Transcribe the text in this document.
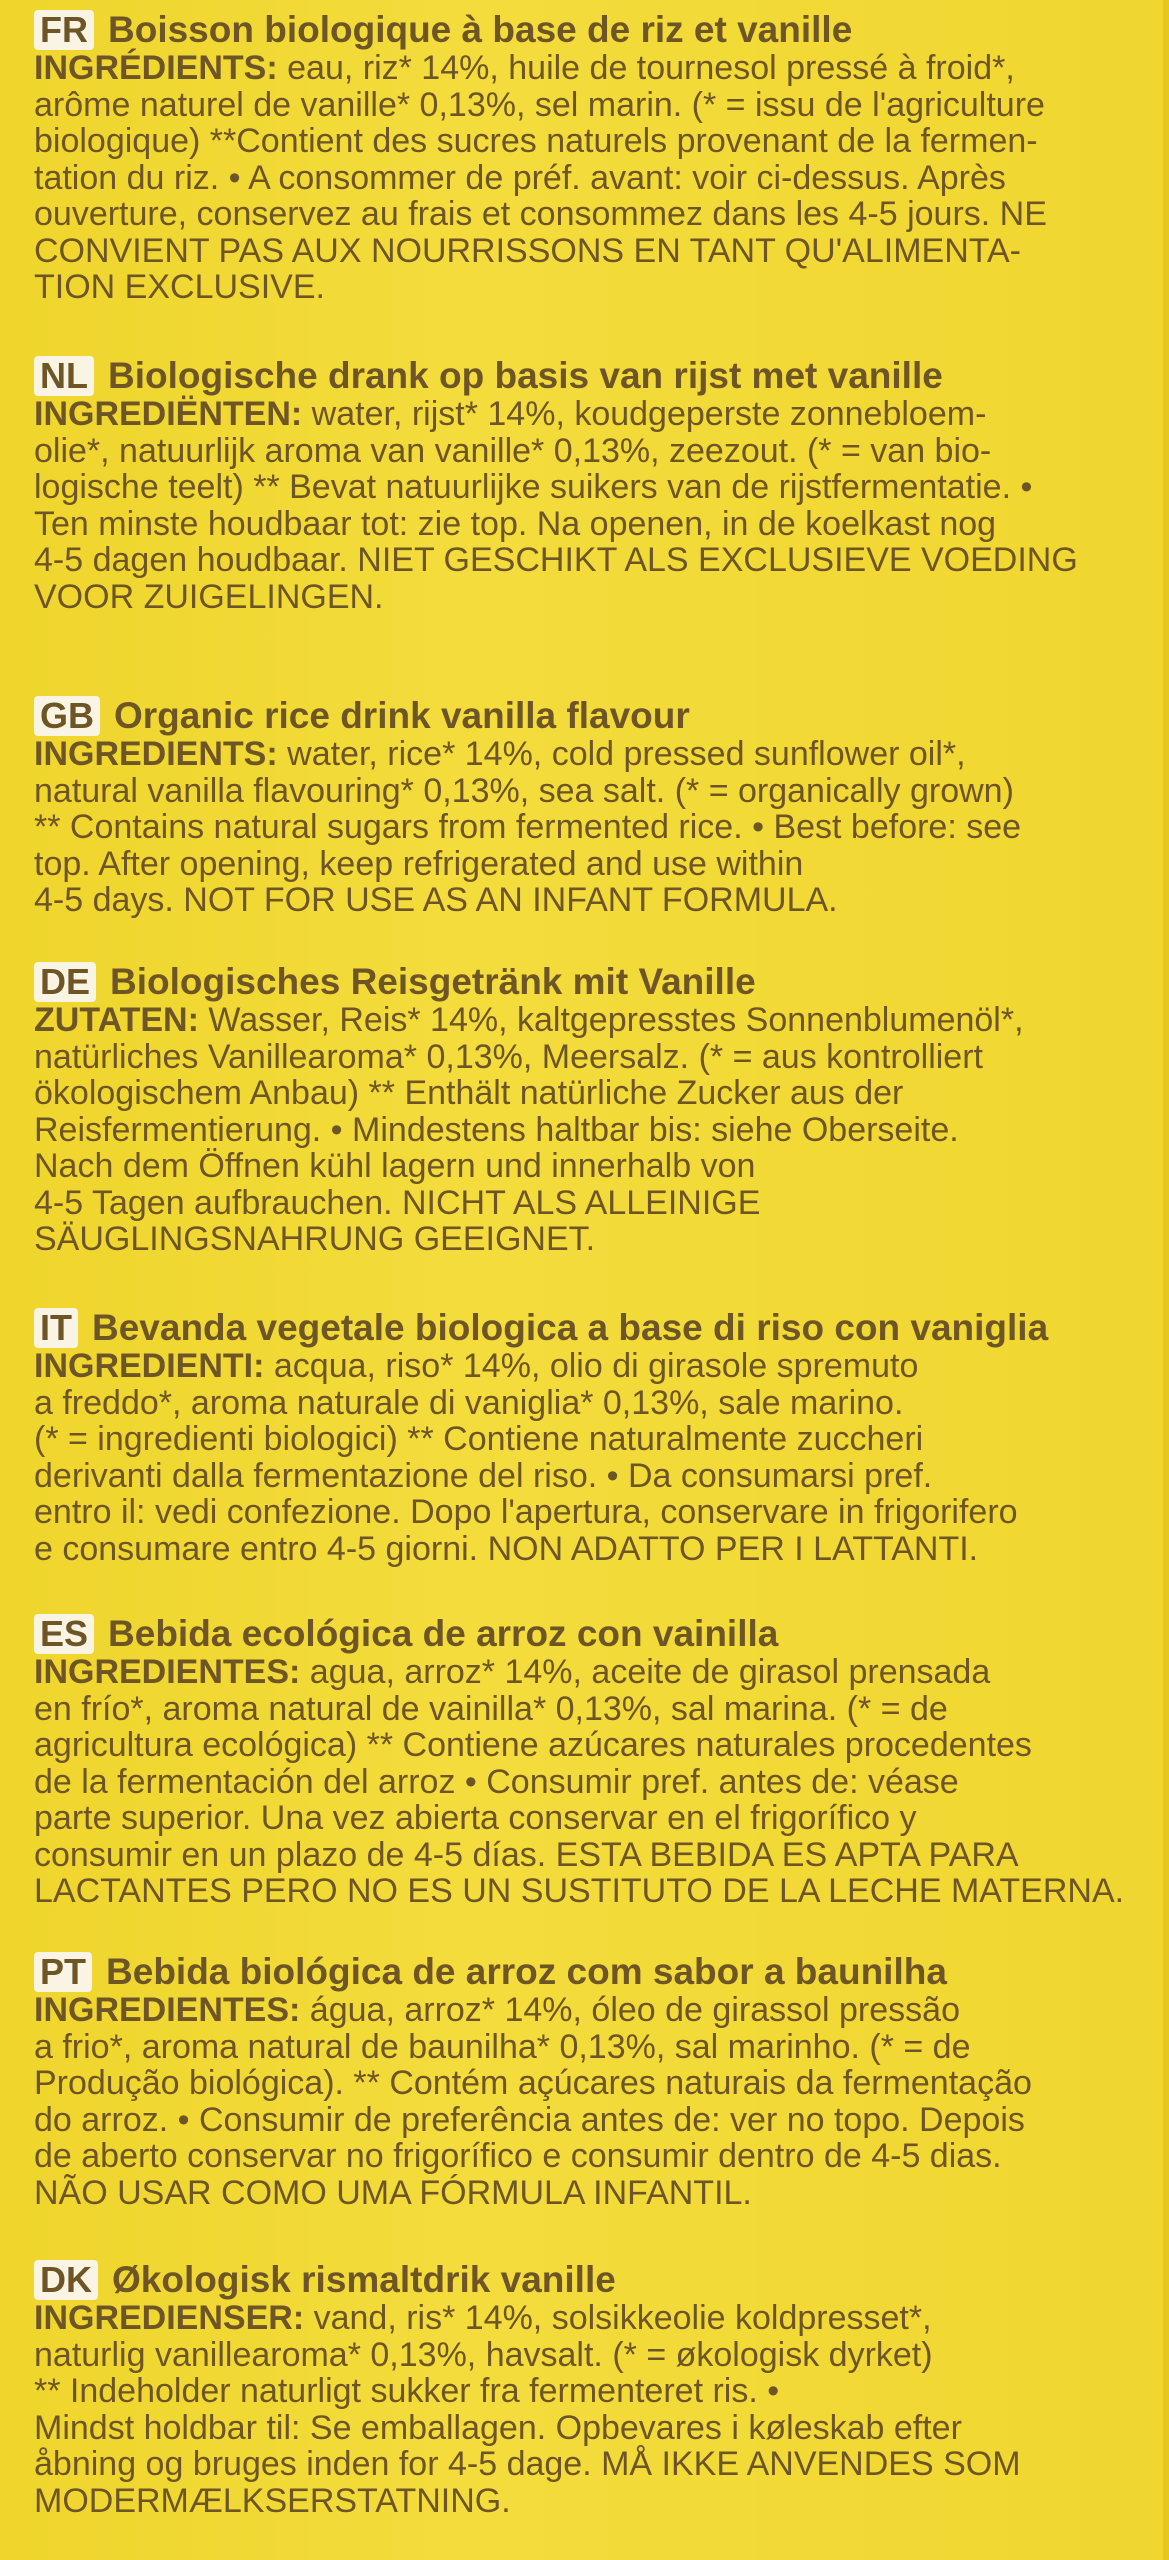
FR Boisson biologique à base de riz et vanille
INGRÉDIENTS: eau, riz* 14%, huile de tournesol pressé à froid*,
arôme naturel de vanille* 0,13%, sel marin. (* = issu de l'agriculture
biologique) **Contient des sucres naturels provenant de la fermen-
tation du riz. • A consommer de préf. avant: voir ci-dessus. Après
ouverture, conservez au frais et consommez dans les 4-5 jours. NE
CONVIENT PAS AUX NOURRISSONS EN TANT QU'ALIMENTA-
TION EXCLUSIVE.
NL Biologische drank op basis van rijst met vanille
INGREDIËNTEN: water, rijst* 14%, koudgeperste zonnebloem-
olie*, natuurlijk aroma van vanille* 0,13%, zeezout. (* = van bio-
logische teelt) ** Bevat natuurlijke suikers van de rijstfermentatie. •
Ten minste houdbaar tot: zie top. Na openen, in de koelkast nog
4-5 dagen houdbaar. NIET GESCHIKT ALS EXCLUSIEVE VOEDING
VOOR ZUIGELINGEN.
GB Organic rice drink vanilla flavour
INGREDIENTS: water, rice* 14%, cold pressed sunflower oil*,
natural vanilla flavouring* 0,13%, sea salt. (* = organically grown)
** Contains natural sugars from fermented rice. • Best before: see
top. After opening, keep refrigerated and use within
4-5 days. NOT FOR USE AS AN INFANT FORMULA.
DE Biologisches Reisgetränk mit Vanille
ZUTATEN: Wasser, Reis* 14%, kaltgepresstes Sonnenblumenöl*,
natürliches Vanillearoma* 0,13%, Meersalz. (* = aus kontrolliert
ökologischem Anbau) ** Enthält natürliche Zucker aus der
Reisfermentierung. • Mindestens haltbar bis: siehe Oberseite.
Nach dem Öffnen kühl lagern und innerhalb von
4-5 Tagen aufbrauchen. NICHT ALS ALLEINIGE
SÄUGLINGSNAHRUNG GEEIGNET.
IT Bevanda vegetale biologica a base di riso con vaniglia
INGREDIENTI: acqua, riso* 14%, olio di girasole spremuto
a freddo*, aroma naturale di vaniglia* 0,13%, sale marino.
(* = ingredienti biologici) ** Contiene naturalmente zuccheri
derivanti dalla fermentazione del riso. • Da consumarsi pref.
entro il: vedi confezione. Dopo l'apertura, conservare in frigorifero
e consumare entro 4-5 giorni. NON ADATTO PER I LATTANTI.
ES Bebida ecológica de arroz con vainilla
INGREDIENTES: agua, arroz* 14%, aceite de girasol prensada
en frío*, aroma natural de vainilla* 0,13%, sal marina. (* = de
agricultura ecológica) ** Contiene azúcares naturales procedentes
de la fermentación del arroz • Consumir pref. antes de: véase
parte superior. Una vez abierta conservar en el frigorífico y
consumir en un plazo de 4-5 días. ESTA BEBIDA ES APTA PARA
LACTANTES PERO NO ES UN SUSTITUTO DE LA LECHE MATERNA.
PT Bebida biológica de arroz com sabor a baunilha
INGREDIENTES: água, arroz* 14%, óleo de girassol pressão
a frio*, aroma natural de baunilha* 0,13%, sal marinho. (* = de
Produção biológica). ** Contém açúcares naturais da fermentação
do arroz. • Consumir de preferência antes de: ver no topo. Depois
de aberto conservar no frigorífico e consumir dentro de 4-5 dias.
NÃO USAR COMO UMA FÓRMULA INFANTIL.
DK Økologisk rismaltdrik vanille
INGREDIENSER: vand, ris* 14%, solsikkeolie koldpresset*,
naturlig vanillearoma* 0,13%, havsalt. (* = økologisk dyrket)
** Indeholder naturligt sukker fra fermenteret ris. •
Mindst holdbar til: Se emballagen. Opbevares i køleskab efter
åbning og bruges inden for 4-5 dage. MÅ IKKE ANVENDES SOM
MODERMÆLKSERSTATNING.
